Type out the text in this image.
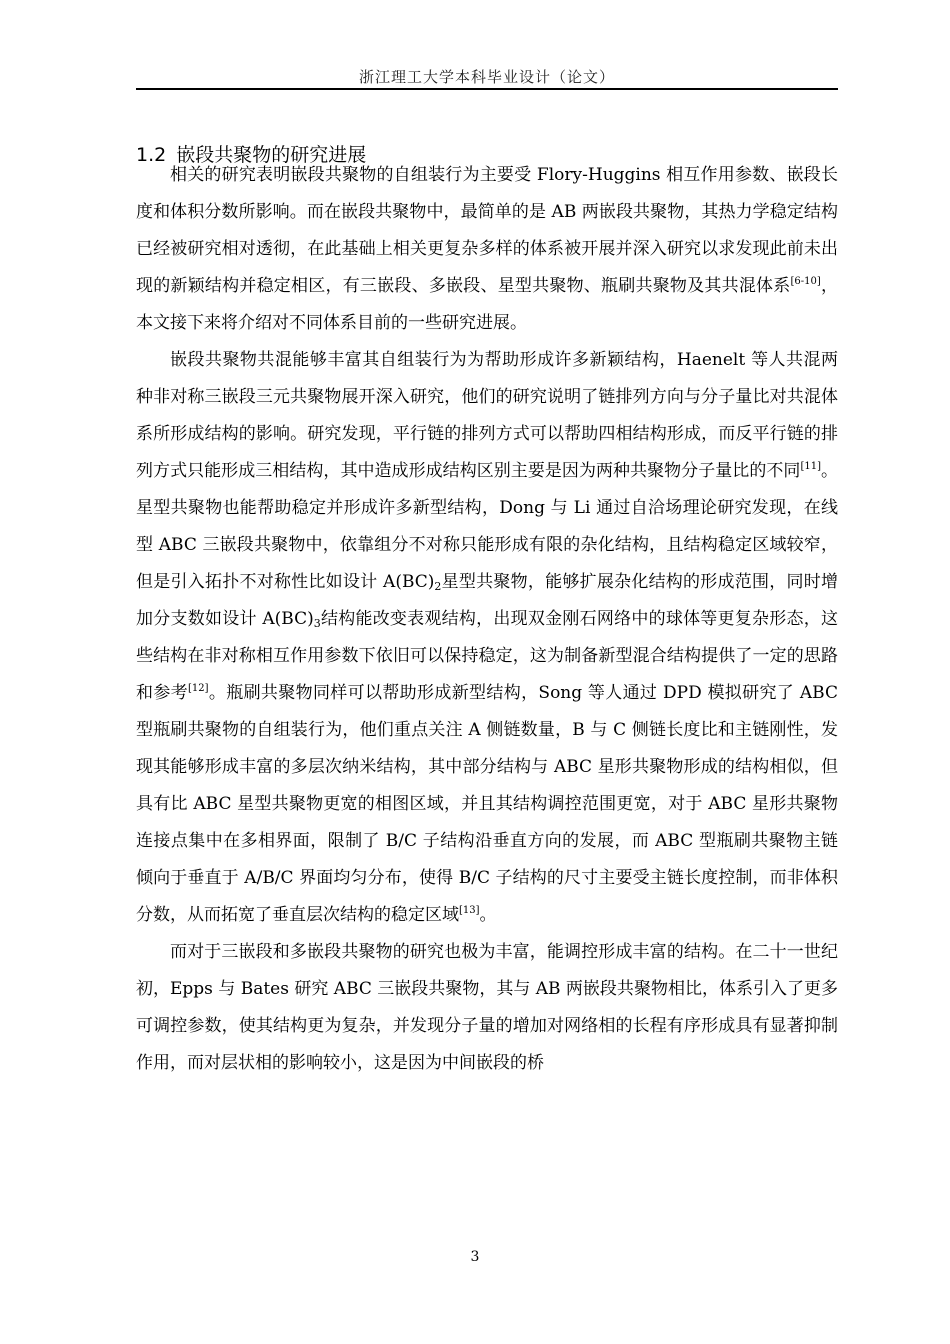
浙江理工大学本科毕业设计（论文）
1.2 嵌段共聚物的研究进展

相关的研究表明嵌段共聚物的自组装行为主要受 Flory-Huggins 相互作用参数、嵌段长度和体积分数所影响。而在嵌段共聚物中，最简单的是 AB 两嵌段共聚物，其热力学稳定结构已经被研究相对透彻，在此基础上相关更复杂多样的体系被开展并深入研究以求发现此前未出现的新颖结构并稳定相区，有三嵌段、多嵌段、星型共聚物、瓶刷共聚物及其共混体系[6-10]，本文接下来将介绍对不同体系目前的一些研究进展。

嵌段共聚物共混能够丰富其自组装行为为帮助形成许多新颖结构，Haenelt 等人共混两种非对称三嵌段三元共聚物展开深入研究，他们的研究说明了链排列方向与分子量比对共混体系所形成结构的影响。研究发现，平行链的排列方式可以帮助四相结构形成，而反平行链的排列方式只能形成三相结构，其中造成形成结构区别主要是因为两种共聚物分子量比的不同[11]。星型共聚物也能帮助稳定并形成许多新型结构，Dong 与 Li 通过自洽场理论研究发现，在线型 ABC 三嵌段共聚物中，依靠组分不对称只能形成有限的杂化结构，且结构稳定区域较窄，但是引入拓扑不对称性比如设计 $A(BC)_2$星型共聚物，能够扩展杂化结构的形成范围，同时增加分支数如设计 $A(BC)_3$结构能改变表观结构，出现双金刚石网络中的球体等更复杂形态，这些结构在非对称相互作用参数下依旧可以保持稳定，这为制备新型混合结构提供了一定的思路和参考[12]。瓶刷共聚物同样可以帮助形成新型结构，Song 等人通过 DPD 模拟研究了 ABC 型瓶刷共聚物的自组装行为，他们重点关注 A 侧链数量，B 与 C 侧链长度比和主链刚性，发现其能够形成丰富的多层次纳米结构，其中部分结构与 ABC 星形共聚物形成的结构相似，但具有比 ABC 星型共聚物更宽的相图区域，并且其结构调控范围更宽，对于 ABC 星形共聚物连接点集中在多相界面，限制了 B/C 子结构沿垂直方向的发展，而 ABC 型瓶刷共聚物主链倾向于垂直于 A/B/C 界面均匀分布，使得 B/C 子结构的尺寸主要受主链长度控制，而非体积分数，从而拓宽了垂直层次结构的稳定区域[13]。

而对于三嵌段和多嵌段共聚物的研究也极为丰富，能调控形成丰富的结构。在二十一世纪初，Epps 与 Bates 研究 ABC 三嵌段共聚物，其与 AB 两嵌段共聚物相比，体系引入了更多可调控参数，使其结构更为复杂，并发现分子量的增加对网络相的长程有序形成具有显著抑制作用，而对层状相的影响较小，这是因为中间嵌段的桥

3
